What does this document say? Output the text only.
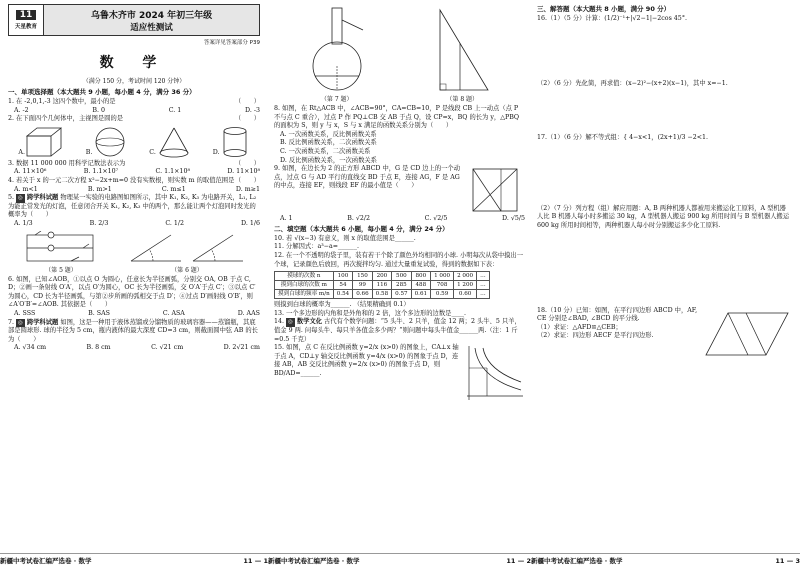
11
天星教育
乌鲁木齐市 2024 年初三年级
适应性测试

答案详见答案部分 P39

数 学
（满分 150 分，考试时间 120 分钟）

一、单项选择题（本大题共 9 小题，每小题 4 分，满分 36 分）

1. 在 -2,0,1,-3 这四个数中，最小的是	（　　）

A. -2	B. 0	C. 1	D. -3

2. 在下面四个几何体中，主视图是圆的是	（　　）

A.	B.	C.	D.

3. 数据 11 000 000 用科学记数法表示为	（　　）

A. 11×10⁶	B. 1.1×10⁷	C. 1.1×10⁸	D. 11×10⁸

4. 若关于 x 的一元二次方程 x²−2x+m=0 没有实数根，则实数 m 的取值范围是 （　　）

A. m<1	B. m>1	C. m≤1	D. m≥1

5. ◎ 跨学科试题 物理某一实验的电路图如图所示，其中 K₁, K₂, K₃ 为电路开关，L₁, L₂ 为能正常发光的灯泡，任意闭合开关 K₁, K₂, K₃ 中的两个，那么能让两个灯泡同时发光的概率为（　　）

A. 1/3	B. 2/3	C. 1/2	D. 1/6
（第 5 题）	（第 6 题）

6. 如图，已知∠AOB，①以点 O 为圆心，任意长为半径画弧，分别交 OA, OB 于点 C, D；②画一条射线 O′A′，以点 O′为圆心，OC 长为半径画弧，交 O′A′于点 C′；③以点 C′为圆心，CD 长为半径画弧，与第②步所画的弧相交于点 D′；④过点 D′画射线 O′B′，则∠A′O′B′=∠AOB. 其依据是（　　）

A. SSS	B. SAS	C. ASA	D. AAS

7. ◎ 跨学科试题 如图，这是一种用于液体蒸馏或分馏物质的玻璃容器——蒸馏瓶，其底部是圆球形. 球的半径为 5 cm，瓶内液体的最大深度 CD=3 cm，则截面圆中弦 AB 的长为（　　）

A. √34 cm	B. 8 cm	C. √21 cm	D. 2√21 cm
新疆中考试卷汇编严选卷 · 数学	11 — 1
（第 7 题）	（第 8 题）

8. 如图，在 Rt△ACB 中，∠ACB=90°，CA=CB=10，P 是线段 CB 上一动点（点 P 不与点 C 重合），过点 P 作 PQ⊥CB 交 AB 于点 Q，设 CP=x，BQ 的长为 y，△PBQ 的面积为 S，则 y 与 x，S 与 x 满足的函数关系分别为（　　）

A. 一次函数关系，反比例函数关系

B. 反比例函数关系，二次函数关系

C. 一次函数关系，二次函数关系

D. 反比例函数关系，一次函数关系

9. 如图，在边长为 2 的正方形 ABCD 中，G 是 CD 边上的一个动点，过点 G 与 AD 平行的直线交 BD 于点 E，连接 AG，F 是 AG 的中点，连接 EF，则线段 EF 的最小值是（　　）

A. 1	B. √2/2	C. √2/5	D. √5/5

二、填空题（本大题共 6 小题，每小题 4 分，满分 24 分）

10. 若 √(x−3) 有意义，则 x 的取值范围是______.

11. 分解因式：a³−a=______.

12. 在一个不透明的袋子里，装有若干个除了颜色外均相同的小球. 小明每次从袋中摸出一个球，记录颜色后放回，再次搅拌均匀. 通过大量重复试验，得到的数据如下表：

摸球的次数 n	100	150	200	500	800	1 000	2 000	…
摸到白球的次数 m	54	99	116	285	488	708	1 200	…
摸到白球的频率 m/n	0.54	0.66	0.58	0.57	0.61	0.59	0.60	…

则摸到白球的概率为______. （结果精确到 0.1）

13. 一个多边形的内角和是外角和的 2 倍，这个多边形的边数是____.

14. ◎ 数学文化 古代有个数学问题：“5 头牛、2 只羊，值金 12 两；2 头牛、5 只羊，值金 9 两. 问每头牛、每只羊各值金多少两？”则问题中每头牛值金______两.（注：1 斤=0.5 千克）

15. 如图，点 C 在反比例函数 y=2/x (x>0) 的图象上，CA⊥x 轴于点 A，CD⊥y 轴交反比例函数 y=4/x (x>0) 的图象于点 D，连接 AB，AB 交反比例函数 y=2/x (x>0) 的图象于点 D，则 BD/AD=______.

新疆中考试卷汇编严选卷 · 数学	11 — 2

三、解答题（本大题共 8 小题，满分 90 分）

16.（1）（5 分）计算：(1/2)⁻¹+|√2−1|−2cos 45°.

（2）（6 分）先化简，再求值：(x−2)²−(x+2)(x−1)，其中 x=−1.

17.（1）（6 分）解不等式组：{ 4−x<1，(2x+1)/3 −2<1.

（2）（7 分）列方程（组）解应用题：A, B 两种机器人都被用来搬运化工原料，A 型机器人比 B 机器人每小时多搬运 30 kg，A 型机器人搬运 900 kg 所用时间与 B 型机器人搬运 600 kg 所用时间相等，两种机器人每小时分别搬运多少化工原料.

18.（10 分）已知：如图，在平行四边形 ABCD 中，AF, CE 分别是∠BAD, ∠BCD 的平分线.

（1）求证：△AFD≌△CEB；

（2）求证：四边形 AECF 是平行四边形.

新疆中考试卷汇编严选卷 · 数学	11 — 3
